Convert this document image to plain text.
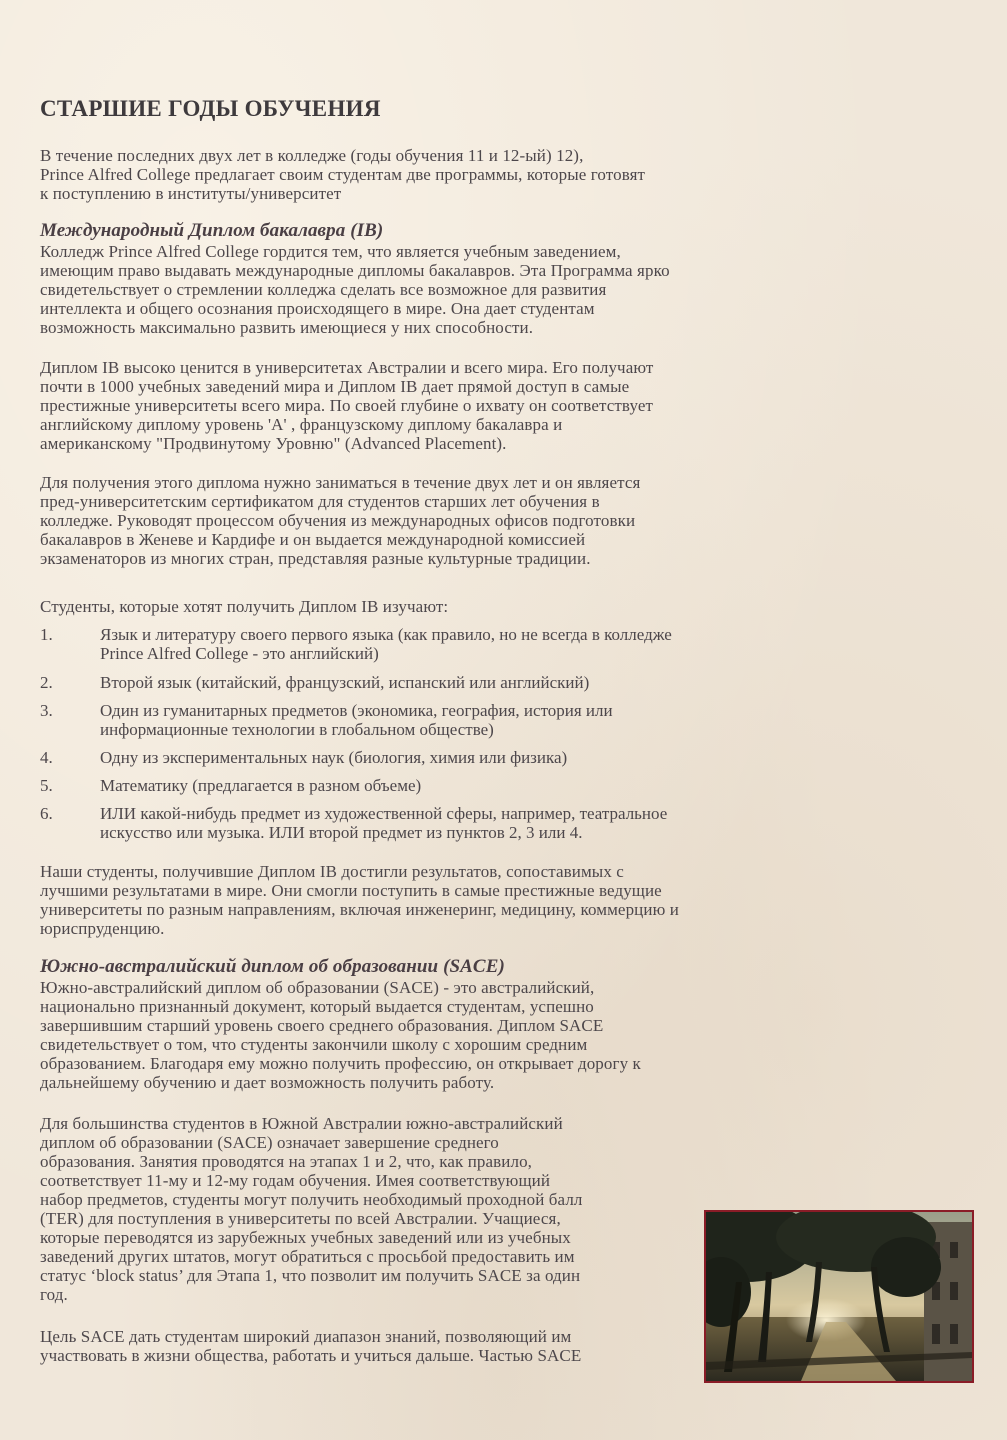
СТАРШИЕ ГОДЫ ОБУЧЕНИЯ

В течение последних двух лет в колледже (годы обучения 11 и 12-ый) 12),
Prince Alfred College предлагает своим студентам две программы, которые готовят
к поступлению в институты/университет

Международный Диплом бакалавра (IB)

Колледж Prince Alfred College гордится тем, что является учебным заведением,
имеющим право выдавать международные дипломы бакалавров. Эта Программа ярко
свидетельствует о стремлении колледжа сделать все возможное для развития
интеллекта и общего осознания происходящего в мире. Она дает студентам
возможность максимально развить имеющиеся у них способности.

Диплом IB высоко ценится в университетах Австралии и всего мира. Его получают
почти в 1000 учебных заведений мира и Диплом IB дает прямой доступ в самые
престижные университеты всего мира. По своей глубине о ихвату он соответствует
английскому диплому уровень 'А' , французскому диплому бакалавра и
американскому "Продвинутому Уровню" (Advanced Placement).

Для получения этого диплома нужно заниматься в течение двух лет и он является
пред-университетским сертификатом для студентов старших лет обучения в
колледже. Руководят процессом обучения из международных офисов подготовки
бакалавров в Женеве и Кардифе и он выдается международной комиссией
экзаменаторов из многих стран, представляя разные культурные традиции.

Студенты, которые хотят получить Диплом IB изучают:

1.	Язык и литературу своего первого языка (как правило, но не всегда в колледже
Prince Alfred College - это английский)
2.	Второй язык (китайский, французский, испанский или английский)
3.	Один из гуманитарных предметов (экономика, география, история или
информационные технологии в глобальном обществе)
4.	Одну из экспериментальных наук (биология, химия или физика)
5.	Математику (предлагается в разном объеме)
6.	ИЛИ какой-нибудь предмет из художественной сферы, например, театральное
искусство или музыка. ИЛИ второй предмет из пунктов 2, 3 или 4.

Наши студенты, получившие Диплом IB достигли результатов, сопоставимых с
лучшими результатами в мире. Они смогли поступить в самые престижные ведущие
университеты по разным направлениям, включая инженеринг, медицину, коммерцию и
юриспруденцию.

Южно-австралийский диплом об образовании (SACE)

Южно-австралийский диплом об образовании (SACE) - это австралийский,
национально признанный документ, который выдается студентам, успешно
завершившим старший уровень своего среднего образования. Диплом SACE
свидетельствует о том, что студенты закончили школу с хорошим средним
образованием. Благодаря ему можно получить профессию, он открывает дорогу к
дальнейшему обучению и дает возможность получить работу.

Для большинства студентов в Южной Австралии южно-австралийский
диплом об образовании (SACE) означает завершение среднего
образования. Занятия проводятся на этапах 1 и 2, что, как правило,
соответствует 11-му и 12-му годам обучения. Имея соответствующий
набор предметов, студенты могут получить необходимый проходной балл
(TER) для поступления в университеты по всей Австралии. Учащиеся,
которые переводятся из зарубежных учебных заведений или из учебных
заведений других штатов, могут обратиться с просьбой предоставить им
статус ‘block status’ для Этапа 1, что позволит им получить SACE за один
год.

Цель SACE дать студентам широкий диапазон знаний, позволяющий им
участвовать в жизни общества, работать и учиться дальше. Частью SACE
